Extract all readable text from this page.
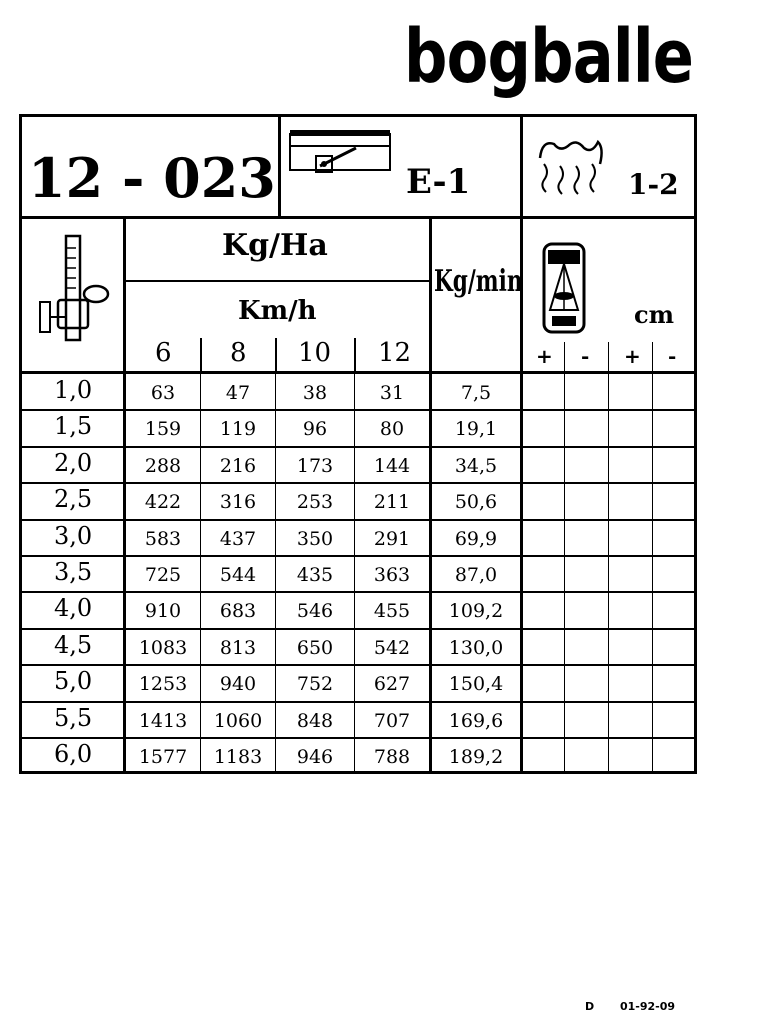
bogballe
12 - 023	E-1	1-2
Kg/Ha
Km/h
Kg/min
cm
6 8 10 12	+ - + -
1,0	63	47	38	31	7,5
1,5	159	119	96	80	19,1
2,0	288	216	173	144	34,5
2,5	422	316	253	211	50,6
3,0	583	437	350	291	69,9
3,5	725	544	435	363	87,0
4,0	910	683	546	455	109,2
4,5	1083	813	650	542	130,0
5,0	1253	940	752	627	150,4
5,5	1413	1060	848	707	169,6
6,0	1577	1183	946	788	189,2
D 01-92-09
